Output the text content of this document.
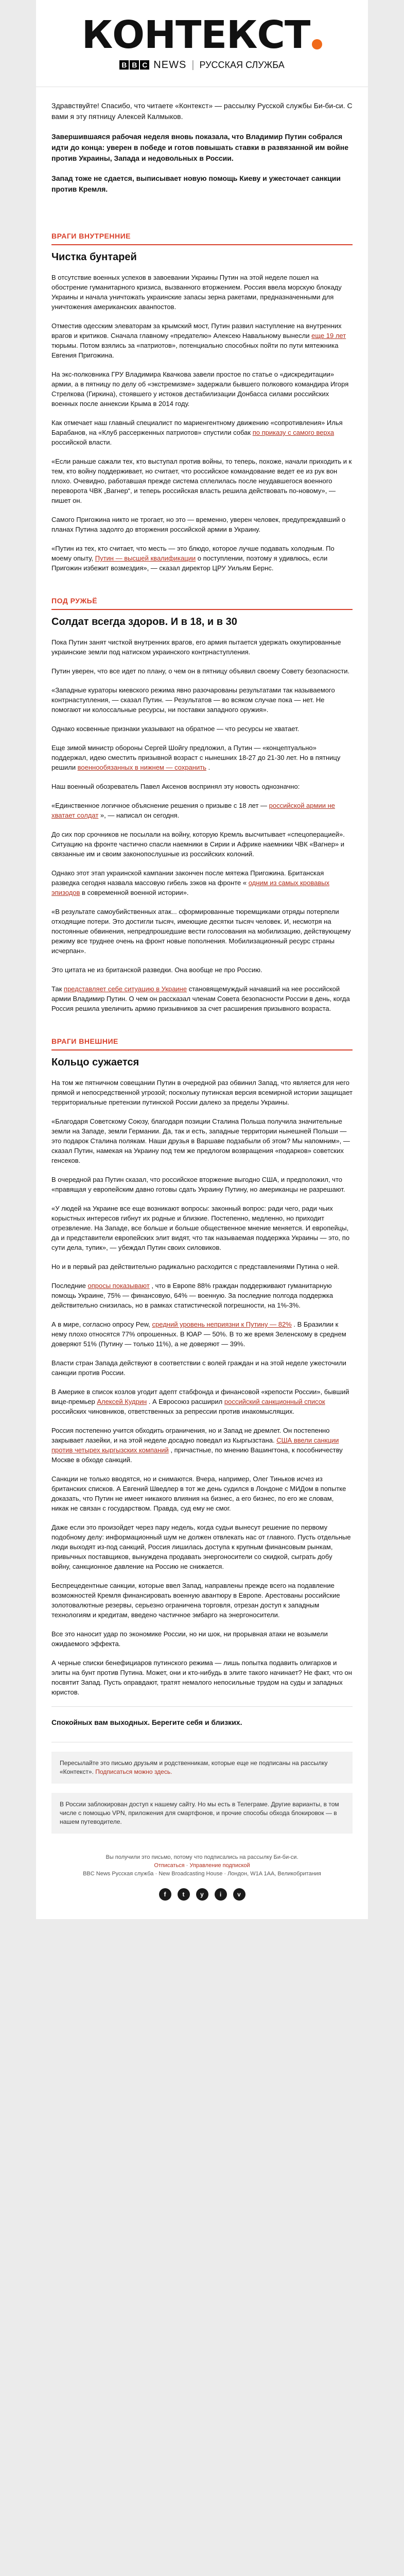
КОНТЕКСТ
B B C NEWS | РУССКАЯ СЛУЖБА

Здравствуйте! Спасибо, что читаете «Контекст» — рассылку Русской службы Би-би-си. С вами я эту пятницу Алексей Калмыков.

Завершившаяся рабочая неделя вновь показала, что Владимир Путин собрался идти до конца: уверен в победе и готов повышать ставки в развязанной им войне против Украины, Запада и недовольных в России.

Запад тоже не сдается, выписывает новую помощь Киеву и ужесточает санкции против Кремля.

ВРАГИ ВНУТРЕННИЕ
Чистка бунтарей

В отсутствие военных успехов в завоевании Украины Путин на этой неделе пошел на обострение гуманитарного кризиса, вызванного вторжением. Россия ввела морскую блокаду Украины и начала уничтожать украинские запасы зерна ракетами, предназначенными для уничтожения американских аванпостов.

Отместив одесским элеваторам за крымский мост, Путин развил наступление на внутренних врагов и критиков. Сначала главному «предателю» Алексею Навальному вынесли еще 19 лет тюрьмы. Потом взялись за «патриотов», потенциально способных пойти по пути мятежника Евгения Пригожина.

На экс-полковника ГРУ Владимира Квачкова завели простое по статье о «дискредитации» армии, а в пятницу по делу об «экстремизме» задержали бывшего полкового командира Игоря Стрелкова (Гиркина), стоявшего у истоков дестабилизации Донбасса силами российских военных после аннексии Крыма в 2014 году.

Как отмечает наш главный специалист по мариенгентному движению «сопротивления» Илья Барабанов, на «Клуб рассерженных патриотов» спустили собак по приказу с самого верха российской власти.

«Если раньше сажали тех, кто выступал против войны, то теперь, похоже, начали приходить и к тем, кто войну поддерживает, но считает, что российское командование ведет ее из рук вон плохо. Очевидно, работавшая прежде система сплелилась после неудавшегося военного переворота ЧВК „Вагнер“, и теперь российская власть решила действовать по-новому», — пишет он.

Самого Пригожина никто не трогает, но это — временно, уверен человек, предупреждавший о планах Путина задолго до вторжения российской армии в Украину.

«Путин из тех, кто считает, что месть — это блюдо, которое лучше подавать холодным. По моему опыту, Путин — высшей квалификации о поступлении, поэтому я удивлюсь, если Пригожин избежит возмездия», — сказал директор ЦРУ Уильям Бернс.

ПОД РУЖЬЁ
Солдат всегда здоров. И в 18, и в 30

Пока Путин занят чисткой внутренних врагов, его армия пытается удержать оккупированные украинские земли под натиском украинского контрнаступления.

Путин уверен, что все идет по плану, о чем он в пятницу объявил своему Совету безопасности.

«Западные кураторы киевского режима явно разочарованы результатами так называемого контрнаступления, — сказал Путин. — Результатов — во всяком случае пока — нет. Не помогают ни колоссальные ресурсы, ни поставки западного оружия».

Однако косвенные признаки указывают на обратное — что ресурсы не хватает.

Еще зимой министр обороны Сергей Шойгу предложил, а Путин — «концептуально» поддержал, идею сместить призывной возраст с нынешних 18-27 до 21-30 лет. Но в пятницу решили военнообязанных в нижнем — сохранить .

Наш военный обозреватель Павел Аксенов воспринял эту новость однозначно:

«Единственное логичное объяснение решения о призыве с 18 лет — российской армии не хватает солдат », — написал он сегодня.

До сих пор срочников не посылали на войну, которую Кремль высчитывает «спецоперацией». Ситуацию на фронте частично спасли наемники в Сирии и Африке наемники ЧВК «Вагнер» и связанные им и своим законопослушные из российских колоний.

Однако этот этап украинской кампании закончен после мятежа Пригожина. Британская разведка сегодня назвала массовую гибель зэков на фронте « одним из самых кровавых эпизодов в современной военной истории».

«В результате самоубийственных атак... сформированные тюремщиками отряды потерпели отходящие потери. Это достигли тысяч, имеющие десятки тысяч человек. И, несмотря на постоянные обвинения, непредпрошедшие вести голосования на мобилизацию, действующему режиму все труднее очень на фронт новые пополнения. Мобилизационный ресурс страны исчерпан».

Это цитата не из британской разведки. Она вообще не про Россию.

Так представляет себе ситуацию в Украине становящемуждый начавший на нее российской армии Владимир Путин. О чем он рассказал членам Совета безопасности России в день, когда Россия решила увеличить армию призывников за счет расширения призывного возраста.

ВРАГИ ВНЕШНИЕ
Кольцо сужается

На том же пятничном совещании Путин в очередной раз обвинил Запад, что является для него прямой и непосредственной угрозой; поскольку путинская версия всемирной истории защищает территориальные претензии путинской России далеко за пределы Украины.

«Благодаря Советскому Союзу, благодаря позиции Сталина Польша получила значительные земли на Западе, земли Германии. Да, так и есть, западные территории нынешней Польши — это подарок Сталина полякам. Наши друзья в Варшаве подзабыли об этом? Мы напомним», — сказал Путин, намекая на Украину под тем же предлогом возвращения «подарков» советских генсеков.

В очередной раз Путин сказал, что российское вторжение выгодно США, и предположил, что «правящая у европейским давно готовы сдать Украину Путину, но американцы не разрешают.

«У людей на Украине все еще возникают вопросы: законный вопрос: ради чего, ради чьих корыстных интересов гибнут их родные и близкие. Постепенно, медленно, но приходит отрезвление. На Западе, все больше и больше общественное мнение меняется. И европейцы, да и представители европейских элит видят, что так называемая поддержка Украины — это, по сути дела, тупик», — убеждал Путин своих силовиков.

Но и в первый раз действительно радикально расходится с представлениями Путина о ней.

Последние опросы показывают , что в Европе 88% граждан поддерживают гуманитарную помощь Украине, 75% — финансовую, 64% — военную. За последние полгода поддержка действительно снизилась, но в рамках статистической погрешности, на 1%-3%.

А в мире, согласно опросу Pew, средний уровень неприязни к Путину — 82% . В Бразилии к нему плохо относятся 77% опрошенных. В ЮАР — 50%. В то же время Зеленскому в среднем доверяют 51% (Путину — только 11%), а не доверяют — 39%.

Власти стран Запада действуют в соответствии с волей граждан и на этой неделе ужесточили санкции против России.

В Америке в список козлов угодит адепт стабфонда и финансовой «крепости России», бывший вице-премьер Алексей Кудрин . А Евросоюз расширил российский санкционный список российских чиновников, ответственных за репрессии против инакомыслящих.

Россия постепенно учится обходить ограничения, но и Запад не дремлет. Он постепенно закрывает лазейки, и на этой неделе досадно поведал из Кыргызстана. США ввели санкции против четырех кыргызских компаний , причастные, по мнению Вашингтона, к пособничеству Москве в обходе санкций.

Санкции не только вводятся, но и снимаются. Вчера, например, Олег Тиньков исчез из британских списков. А Евгений Шведлер в тот же день судился в Лондоне с МИДом в попытке доказать, что Путин не имеет никакого влияния на бизнес, а его бизнес, по его же словам, никак не связан с государством. Правда, суд ему не смог.

Даже если это произойдет через пару недель, когда судьи вынесут решение по первому подобному делу: информационный шум не должен отвлекать нас от главного. Пусть отдельные люди выходят из-под санкций, Россия лишилась доступа к крупным финансовым рынкам, привычных поставщиков, вынуждена продавать энергоносители со скидкой, сыграть добу войну, санкционное давление на Россию не снижается.

Беспрецедентные санкции, которые ввел Запад, направлены прежде всего на подавление возможностей Кремля финансировать военную авантюру в Европе. Арестованы российские золотовалютные резервы, серьезно ограничена торговля, отрезан доступ к западным технологиям и кредитам, введено частичное эмбарго на энергоносители.

Все это наносит удар по экономике России, но ни шок, ни прорывная атаки не возымели ожидаемого эффекта.

А черные списки бенефициаров путинского режима — лишь попытка подавить олигархов и элиты на бунт против Путина. Может, они и кто-нибудь в элите такого начинает? Не факт, что он посвятит Запад. Пусть оправдают, тратят немалого непосильные трудом на суды и западных юристов.

Спокойных вам выходных. Берегите себя и близких.
Пересылайте это письмо друзьям и родственникам, которые еще не подписаны на рассылку «Контекст». Подписаться можно здесь.
В России заблокирован доступ к нашему сайту. Но мы есть в Телеграме. Другие варианты, в том числе с помощью VPN, приложения для смартфонов, и прочие способы обхода блокировок — в нашем путеводителе.
Вы получили это письмо, потому что подписались на рассылку Би-би-си.
Отписаться · Управление подпиской
BBC News Русская служба · New Broadcasting House · Лондон, W1A 1AA, Великобритания
f	t	y	i	v
